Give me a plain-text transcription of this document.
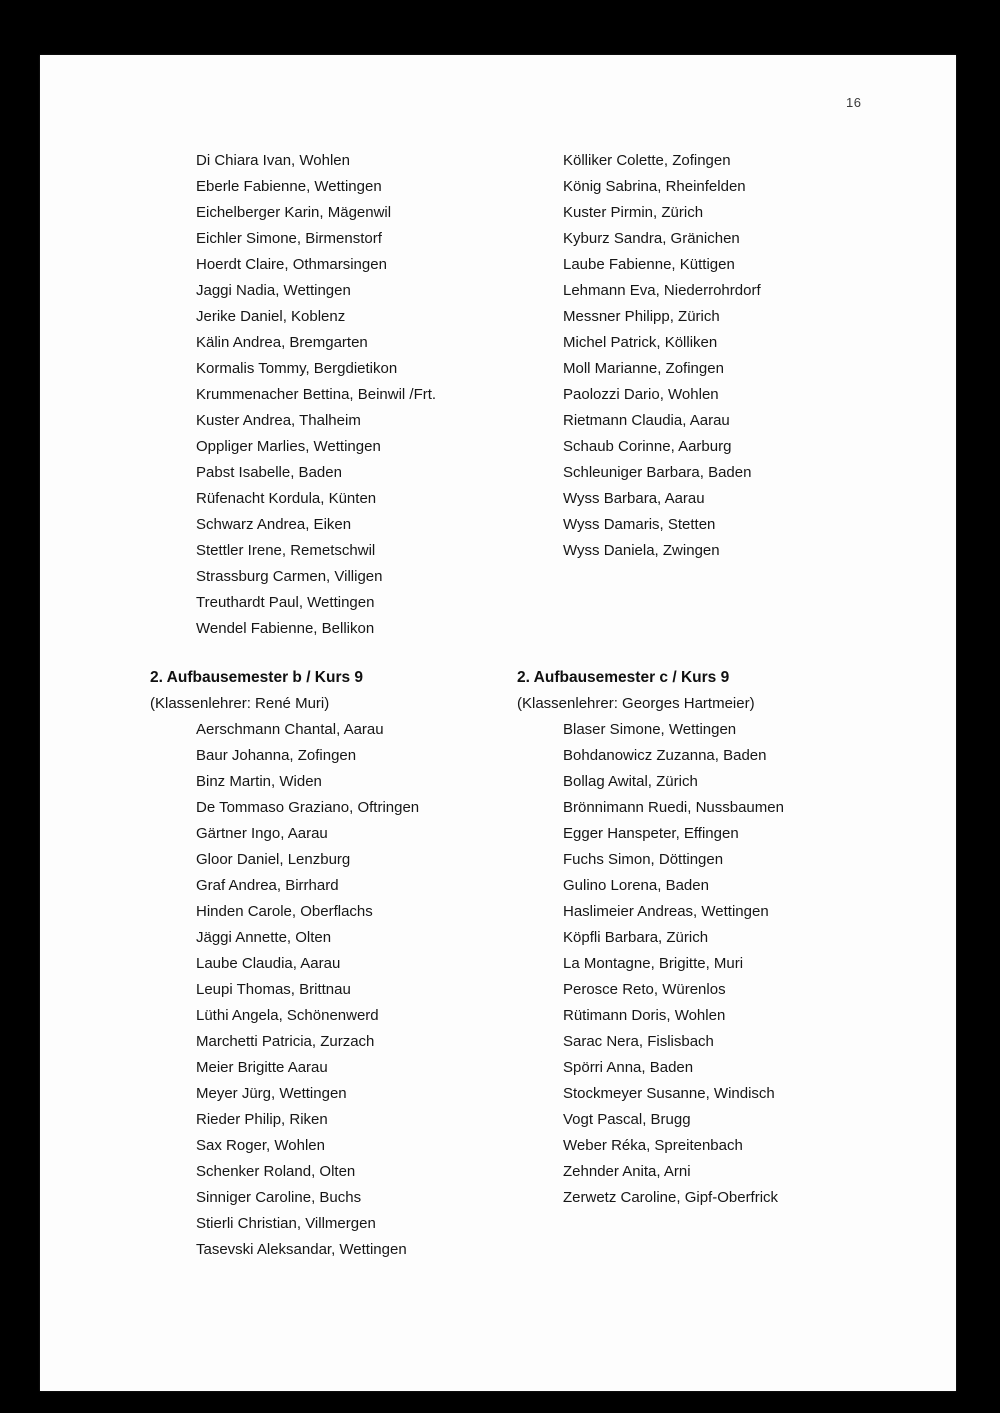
16
Di Chiara Ivan, Wohlen
Eberle Fabienne, Wettingen
Eichelberger Karin, Mägenwil
Eichler Simone, Birmenstorf
Hoerdt Claire, Othmarsingen
Jaggi Nadia, Wettingen
Jerike Daniel, Koblenz
Kälin Andrea, Bremgarten
Kormalis Tommy, Bergdietikon
Krummenacher Bettina, Beinwil /Frt.
Kuster Andrea, Thalheim
Oppliger Marlies, Wettingen
Pabst Isabelle, Baden
Rüfenacht Kordula, Künten
Schwarz Andrea, Eiken
Stettler Irene, Remetschwil
Strassburg Carmen, Villigen
Treuthardt Paul, Wettingen
Wendel Fabienne, Bellikon
Kölliker Colette, Zofingen
König Sabrina, Rheinfelden
Kuster Pirmin, Zürich
Kyburz Sandra, Gränichen
Laube Fabienne, Küttigen
Lehmann Eva, Niederrohrdorf
Messner Philipp, Zürich
Michel Patrick, Kölliken
Moll Marianne, Zofingen
Paolozzi Dario, Wohlen
Rietmann Claudia, Aarau
Schaub Corinne, Aarburg
Schleuniger Barbara, Baden
Wyss Barbara, Aarau
Wyss Damaris, Stetten
Wyss Daniela, Zwingen
2. Aufbausemester b / Kurs 9
(Klassenlehrer: René Muri)
Aerschmann Chantal, Aarau
Baur Johanna, Zofingen
Binz Martin, Widen
De Tommaso Graziano, Oftringen
Gärtner Ingo, Aarau
Gloor Daniel, Lenzburg
Graf Andrea, Birrhard
Hinden Carole, Oberflachs
Jäggi Annette, Olten
Laube Claudia, Aarau
Leupi Thomas, Brittnau
Lüthi Angela, Schönenwerd
Marchetti Patricia, Zurzach
Meier Brigitte Aarau
Meyer Jürg, Wettingen
Rieder Philip, Riken
Sax Roger, Wohlen
Schenker Roland, Olten
Sinniger Caroline, Buchs
Stierli Christian, Villmergen
Tasevski Aleksandar, Wettingen
2. Aufbausemester c / Kurs 9
(Klassenlehrer: Georges Hartmeier)
Blaser Simone, Wettingen
Bohdanowicz Zuzanna, Baden
Bollag Awital, Zürich
Brönnimann Ruedi, Nussbaumen
Egger Hanspeter, Effingen
Fuchs Simon, Döttingen
Gulino Lorena, Baden
Haslimeier Andreas, Wettingen
Köpfli Barbara, Zürich
La Montagne, Brigitte, Muri
Perosce Reto, Würenlos
Rütimann Doris, Wohlen
Sarac Nera, Fislisbach
Spörri Anna, Baden
Stockmeyer Susanne, Windisch
Vogt Pascal, Brugg
Weber Réka, Spreitenbach
Zehnder Anita, Arni
Zerwetz Caroline, Gipf-Oberfrick
